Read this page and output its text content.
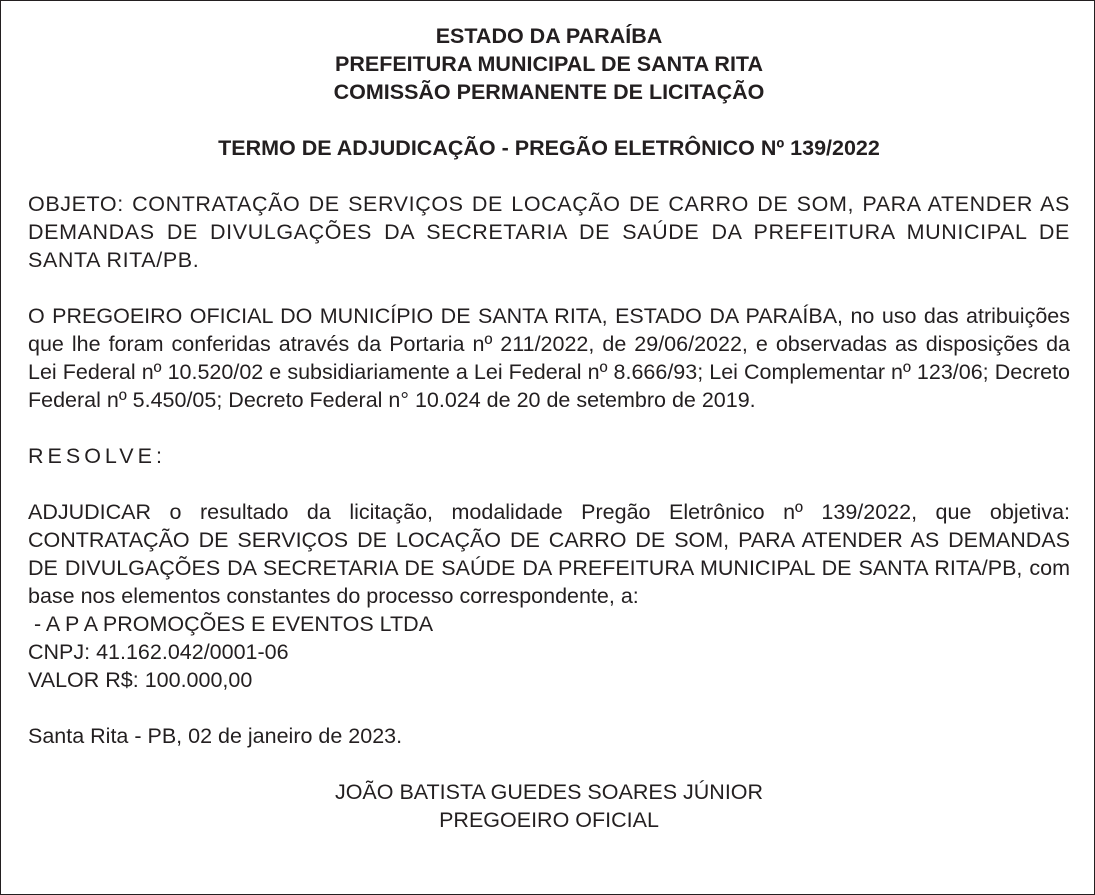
ESTADO DA PARAÍBA
PREFEITURA MUNICIPAL DE SANTA RITA
COMISSÃO PERMANENTE DE LICITAÇÃO
TERMO DE ADJUDICAÇÃO - PREGÃO ELETRÔNICO Nº 139/2022

OBJETO: CONTRATAÇÃO DE SERVIÇOS DE LOCAÇÃO DE CARRO DE SOM, PARA ATENDER AS DEMANDAS DE DIVULGAÇÕES DA SECRETARIA DE SAÚDE DA PREFEITURA MUNICIPAL DE SANTA RITA/PB.

O PREGOEIRO OFICIAL DO MUNICÍPIO DE SANTA RITA, ESTADO DA PARAÍBA, no uso das atribuições que lhe foram conferidas através da Portaria nº 211/2022, de 29/06/2022, e observadas as disposições da Lei Federal nº 10.520/02 e subsidiariamente a Lei Federal nº 8.666/93; Lei Complementar nº 123/06; Decreto Federal nº 5.450/05; Decreto Federal n° 10.024 de 20 de setembro de 2019.

RESOLVE:

ADJUDICAR o resultado da licitação, modalidade Pregão Eletrônico nº 139/2022, que objetiva: CONTRATAÇÃO DE SERVIÇOS DE LOCAÇÃO DE CARRO DE SOM, PARA ATENDER AS DEMANDAS DE DIVULGAÇÕES DA SECRETARIA DE SAÚDE DA PREFEITURA MUNICIPAL DE SANTA RITA/PB, com base nos elementos constantes do processo correspondente, a:

- A P A PROMOÇÕES E EVENTOS LTDA

CNPJ: 41.162.042/0001-06

VALOR R$: 100.000,00

Santa Rita - PB, 02 de janeiro de 2023.

JOÃO BATISTA GUEDES SOARES JÚNIOR
PREGOEIRO OFICIAL
